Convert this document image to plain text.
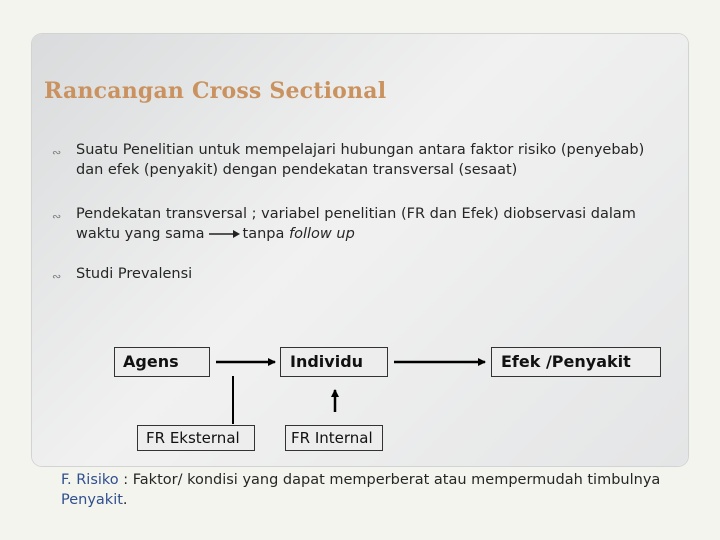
Rancangan Cross Sectional
∾	Suatu Penelitian untuk mempelajari hubungan antara faktor risiko (penyebab) dan efek (penyakit) dengan pendekatan transversal (sesaat)
∾	Pendekatan transversal ; variabel penelitian (FR dan Efek) diobservasi dalam waktu yang sama	tanpa follow up
∾	Studi Prevalensi
Agens	Individu	Efek /Penyakit
FR Eksternal	FR Internal
F. Risiko : Faktor/ kondisi yang dapat memperberat atau mempermudah timbulnya Penyakit.
